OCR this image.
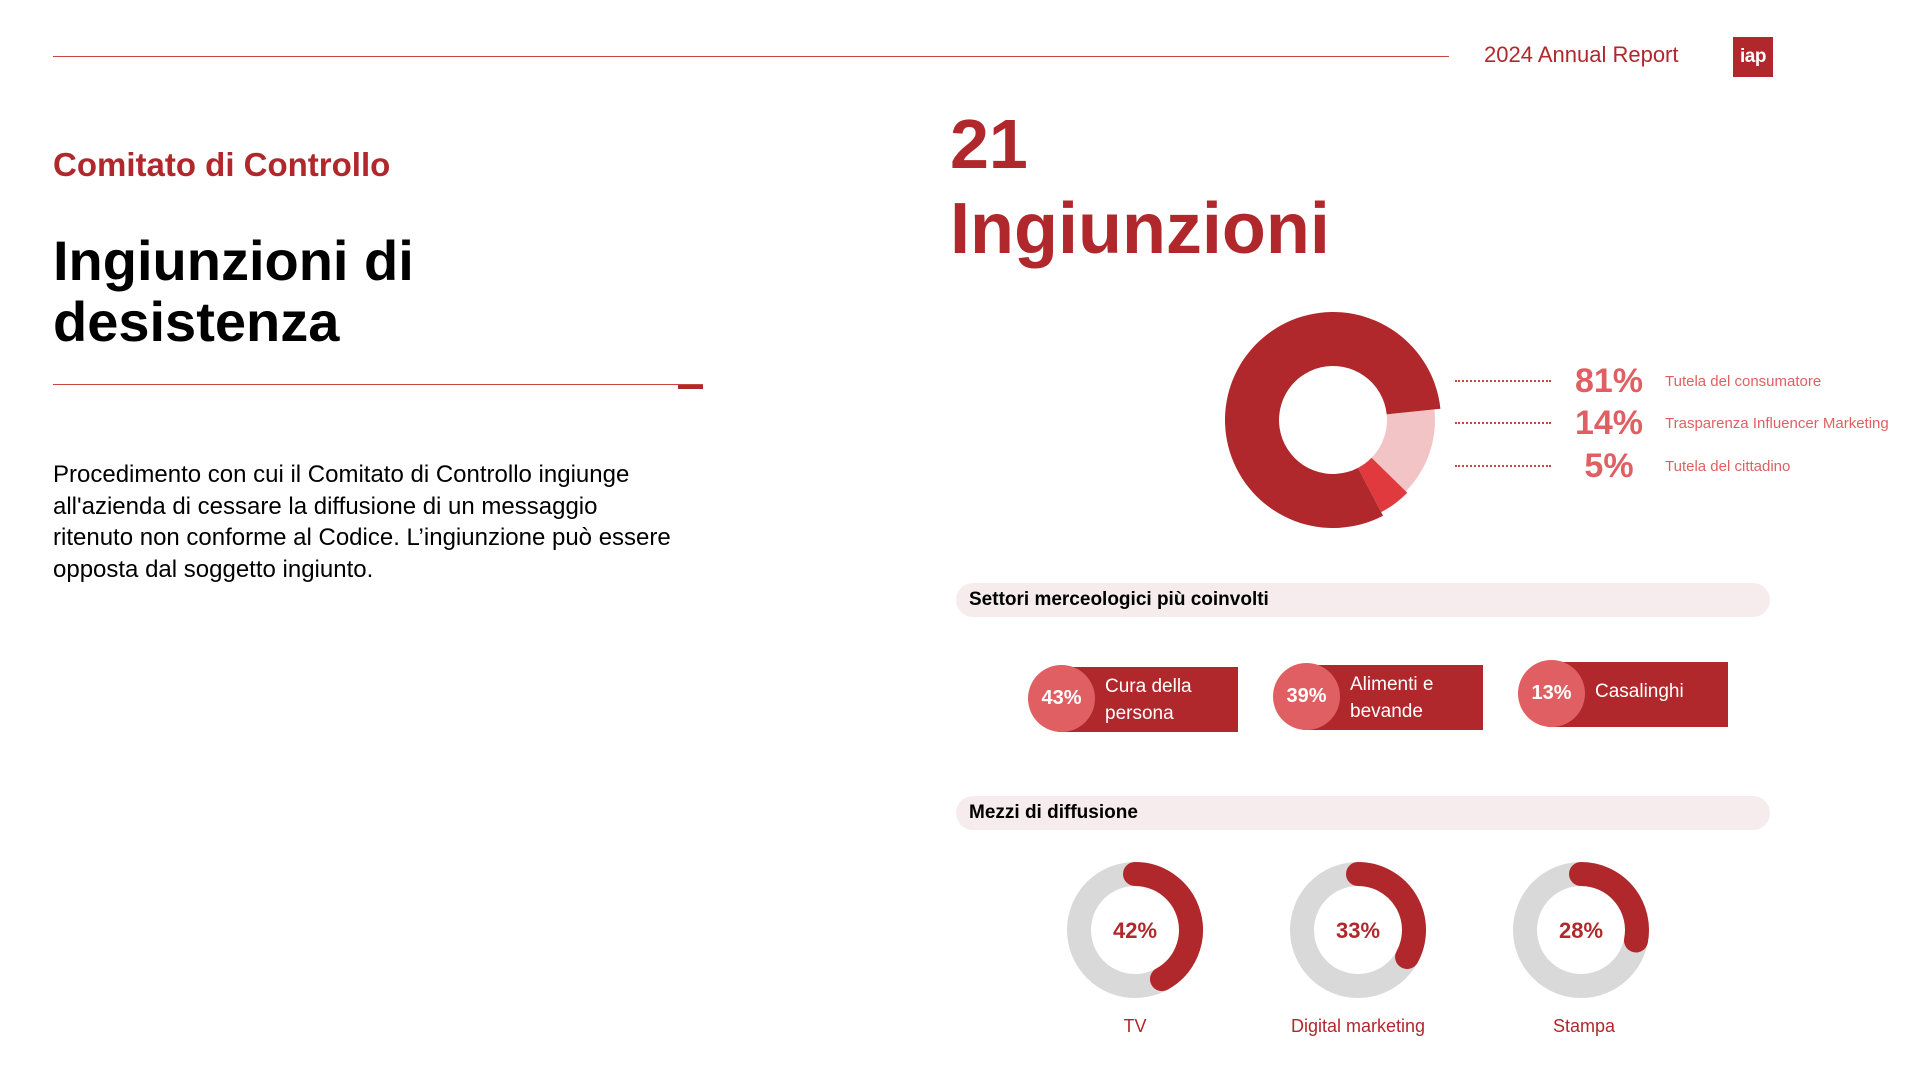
2024 Annual Report	iap
Comitato di Controllo
Ingiunzioni di desistenza
Procedimento con cui il Comitato di Controllo ingiunge all'azienda di cessare la diffusione di un messaggio ritenuto non conforme al Codice. L’ingiunzione può essere opposta dal soggetto ingiunto.
21
Ingiunzioni
81%	Tutela del consumatore
14%	Trasparenza Influencer Marketing
5%	Tutela del cittadino
Settori merceologici più coinvolti
43%
Cura della persona
39%
Alimenti e bevande
13%	Casalinghi
Mezzi di diffusione
42%	33%	28%
TV	Digital marketing	Stampa
